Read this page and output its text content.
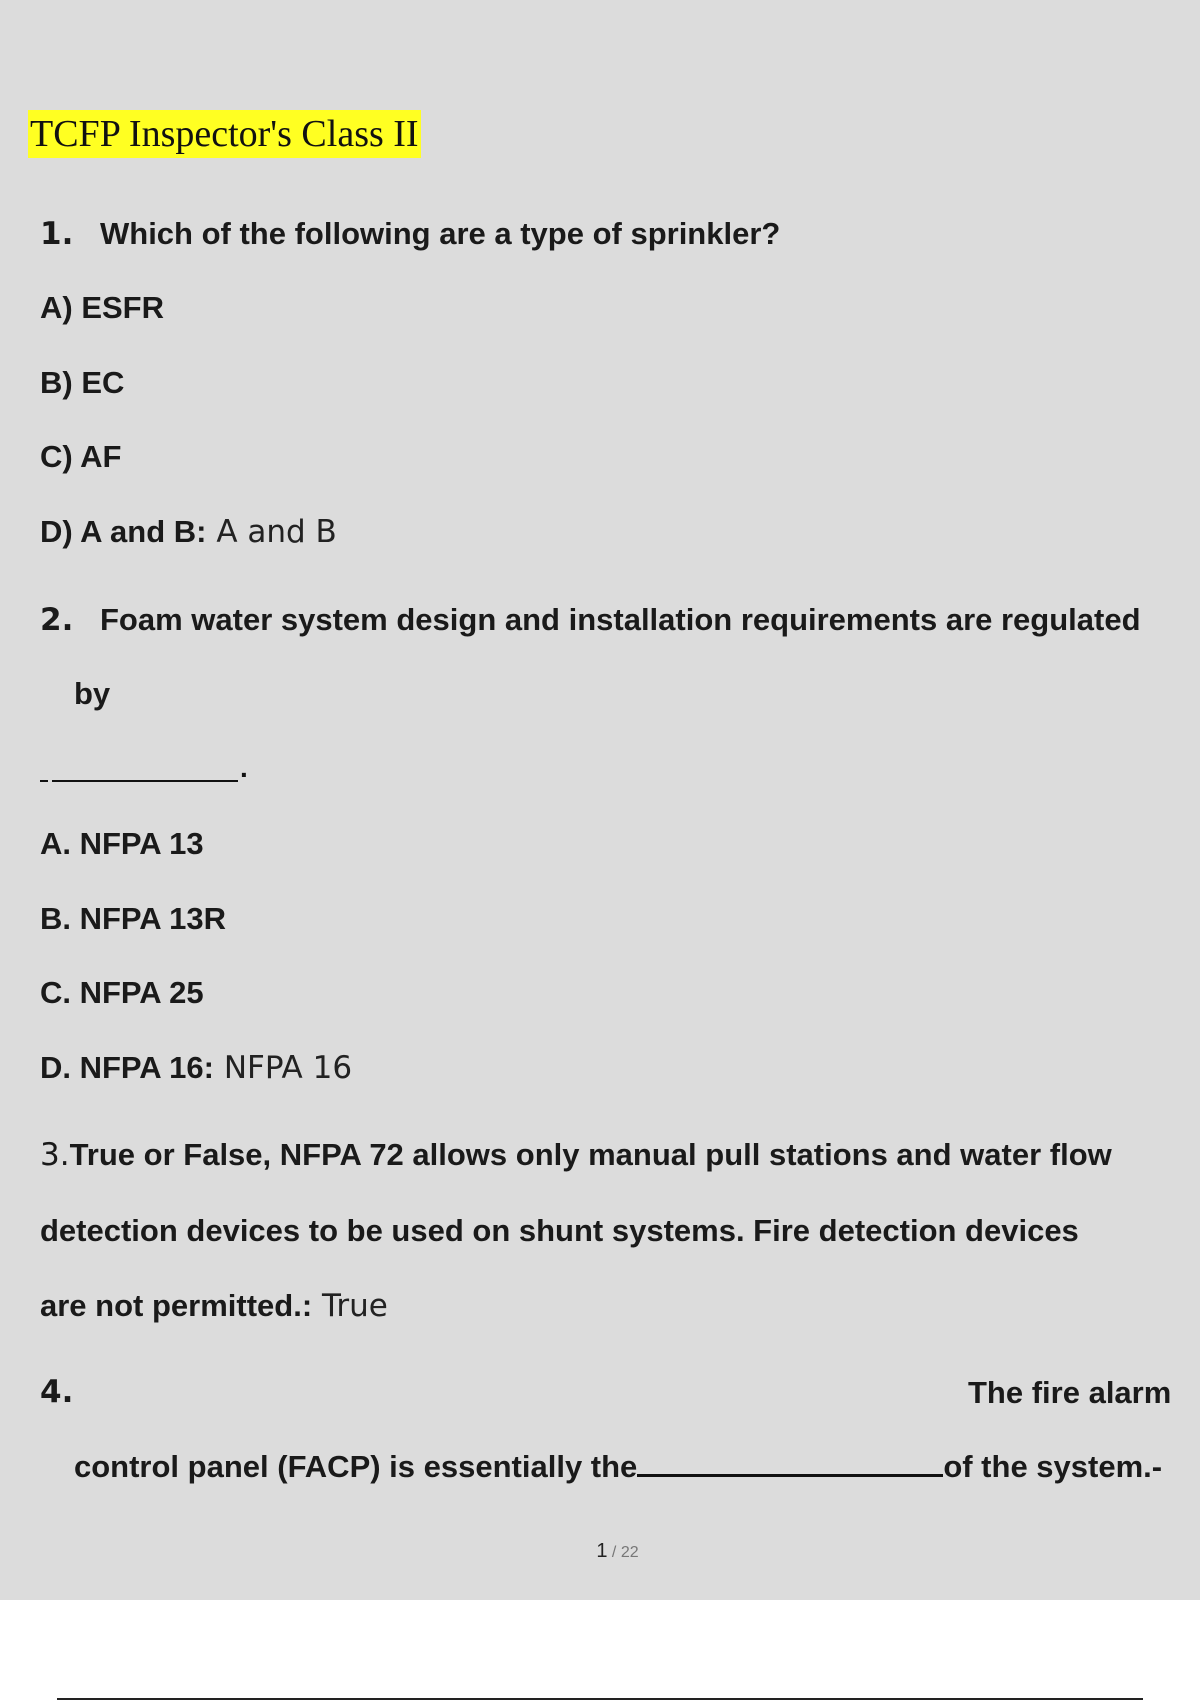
TCFP Inspector's Class II
1. Which of the following are a type of sprinkler?
A) ESFR
B) EC
C) AF
D) A and B: A and B
2. Foam water system design and installation requirements are regulated
by
.
A. NFPA 13
B. NFPA 13R
C. NFPA 25
D. NFPA 16: NFPA 16
3.True or False, NFPA 72 allows only manual pull stations and water flow
detection devices to be used on shunt systems. Fire detection devices
are not permitted.: True
4.	The fire alarm
control panel (FACP) is essentially the	of the system.-
1 / 22
